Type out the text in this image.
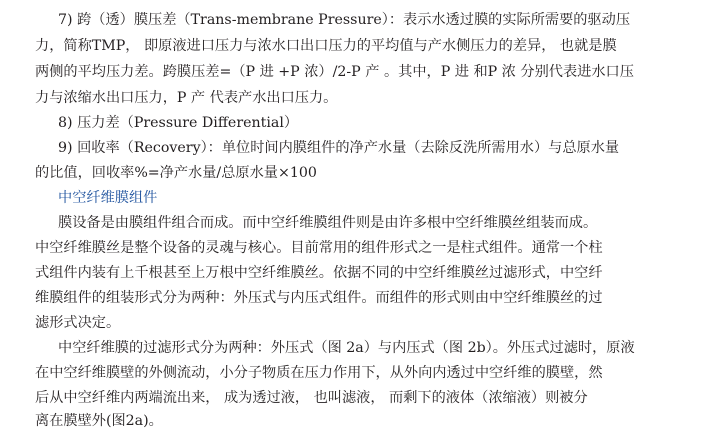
7) 跨（透）膜压差（Trans-membrane Pressure）：表示水透过膜的实际所需要的驱动压
力，简称TMP， 即原液进口压力与浓水口出口压力的平均值与产水侧压力的差异， 也就是膜
两侧的平均压力差。跨膜压差=（P 进 +P 浓）/2-P 产 。其中，P 进 和P 浓 分别代表进水口压
力与浓缩水出口压力，P 产 代表产水出口压力。
8) 压力差（Pressure Differential）
9) 回收率（Recovery）：单位时间内膜组件的净产水量（去除反洗所需用水）与总原水量
的比值，回收率%=净产水量/总原水量×100
中空纤维膜组件
膜设备是由膜组件组合而成。而中空纤维膜组件则是由许多根中空纤维膜丝组装而成。
中空纤维膜丝是整个设备的灵魂与核心。目前常用的组件形式之一是柱式组件。通常一个柱
式组件内装有上千根甚至上万根中空纤维膜丝。依据不同的中空纤维膜丝过滤形式，中空纤
维膜组件的组装形式分为两种：外压式与内压式组件。而组件的形式则由中空纤维膜丝的过
滤形式决定。
中空纤维膜的过滤形式分为两种：外压式（图 2a）与内压式（图 2b）。外压式过滤时，原液
在中空纤维膜壁的外侧流动，小分子物质在压力作用下，从外向内透过中空纤维的膜壁，然
后从中空纤维内两端流出来， 成为透过液， 也叫滤液， 而剩下的液体（浓缩液）则被分
离在膜壁外(图2a)。
